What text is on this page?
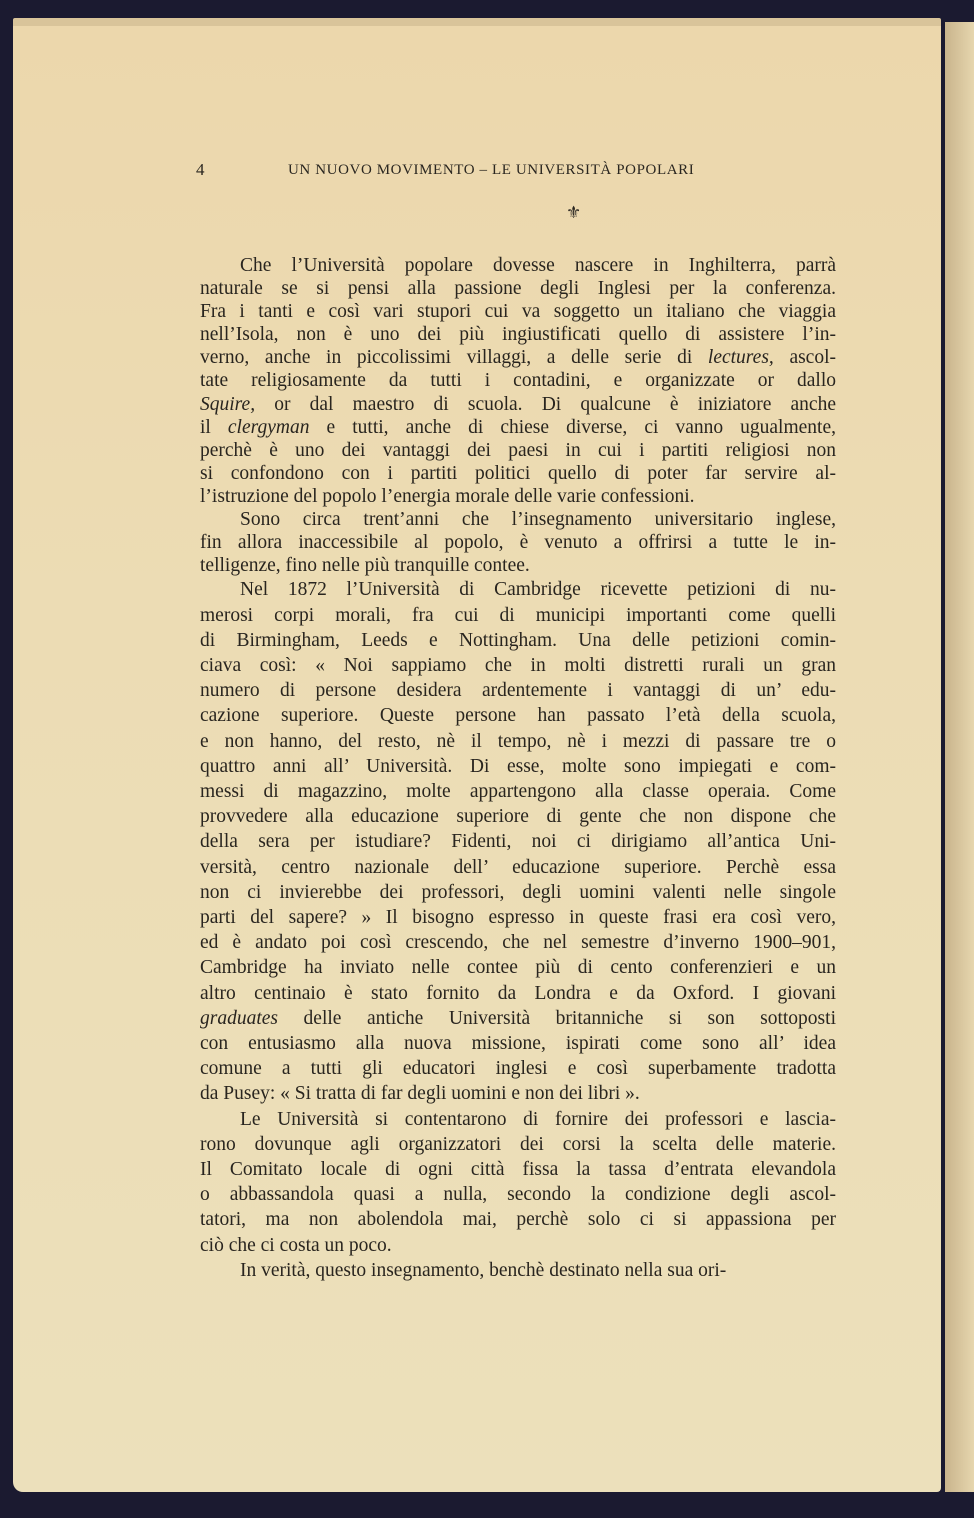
4	UN NUOVO MOVIMENTO – LE UNIVERSITÀ POPOLARI
⚜
Che l’Università popolare dovesse nascere in Inghilterra, parrà
naturale se si pensi alla passione degli Inglesi per la conferenza.
Fra i tanti e così vari stupori cui va soggetto un italiano che viaggia
nell’Isola, non è uno dei più ingiustificati quello di assistere l’in-
verno, anche in piccolissimi villaggi, a delle serie di lectures, ascol-
tate religiosamente da tutti i contadini, e organizzate or dallo
Squire, or dal maestro di scuola. Di qualcune è iniziatore anche
il clergyman e tutti, anche di chiese diverse, ci vanno ugualmente,
perchè è uno dei vantaggi dei paesi in cui i partiti religiosi non
si confondono con i partiti politici quello di poter far servire al-
l’istruzione del popolo l’energia morale delle varie confessioni.
Sono circa trent’anni che l’insegnamento universitario inglese,
fin allora inaccessibile al popolo, è venuto a offrirsi a tutte le in-
telligenze, fino nelle più tranquille contee.
Nel 1872 l’Università di Cambridge ricevette petizioni di nu-
merosi corpi morali, fra cui di municipi importanti come quelli
di Birmingham, Leeds e Nottingham. Una delle petizioni comin-
ciava così: « Noi sappiamo che in molti distretti rurali un gran
numero di persone desidera ardentemente i vantaggi di un’ edu-
cazione superiore. Queste persone han passato l’età della scuola,
e non hanno, del resto, nè il tempo, nè i mezzi di passare tre o
quattro anni all’ Università. Di esse, molte sono impiegati e com-
messi di magazzino, molte appartengono alla classe operaia. Come
provvedere alla educazione superiore di gente che non dispone che
della sera per istudiare? Fidenti, noi ci dirigiamo all’antica Uni-
versità, centro nazionale dell’ educazione superiore. Perchè essa
non ci invierebbe dei professori, degli uomini valenti nelle singole
parti del sapere? » Il bisogno espresso in queste frasi era così vero,
ed è andato poi così crescendo, che nel semestre d’inverno 1900–901,
Cambridge ha inviato nelle contee più di cento conferenzieri e un
altro centinaio è stato fornito da Londra e da Oxford. I giovani
graduates delle antiche Università britanniche si son sottoposti
con entusiasmo alla nuova missione, ispirati come sono all’ idea
comune a tutti gli educatori inglesi e così superbamente tradotta
da Pusey: « Si tratta di far degli uomini e non dei libri ».
Le Università si contentarono di fornire dei professori e lascia-
rono dovunque agli organizzatori dei corsi la scelta delle materie.
Il Comitato locale di ogni città fissa la tassa d’entrata elevandola
o abbassandola quasi a nulla, secondo la condizione degli ascol-
tatori, ma non abolendola mai, perchè solo ci si appassiona per
ciò che ci costa un poco.
In verità, questo insegnamento, benchè destinato nella sua ori-
